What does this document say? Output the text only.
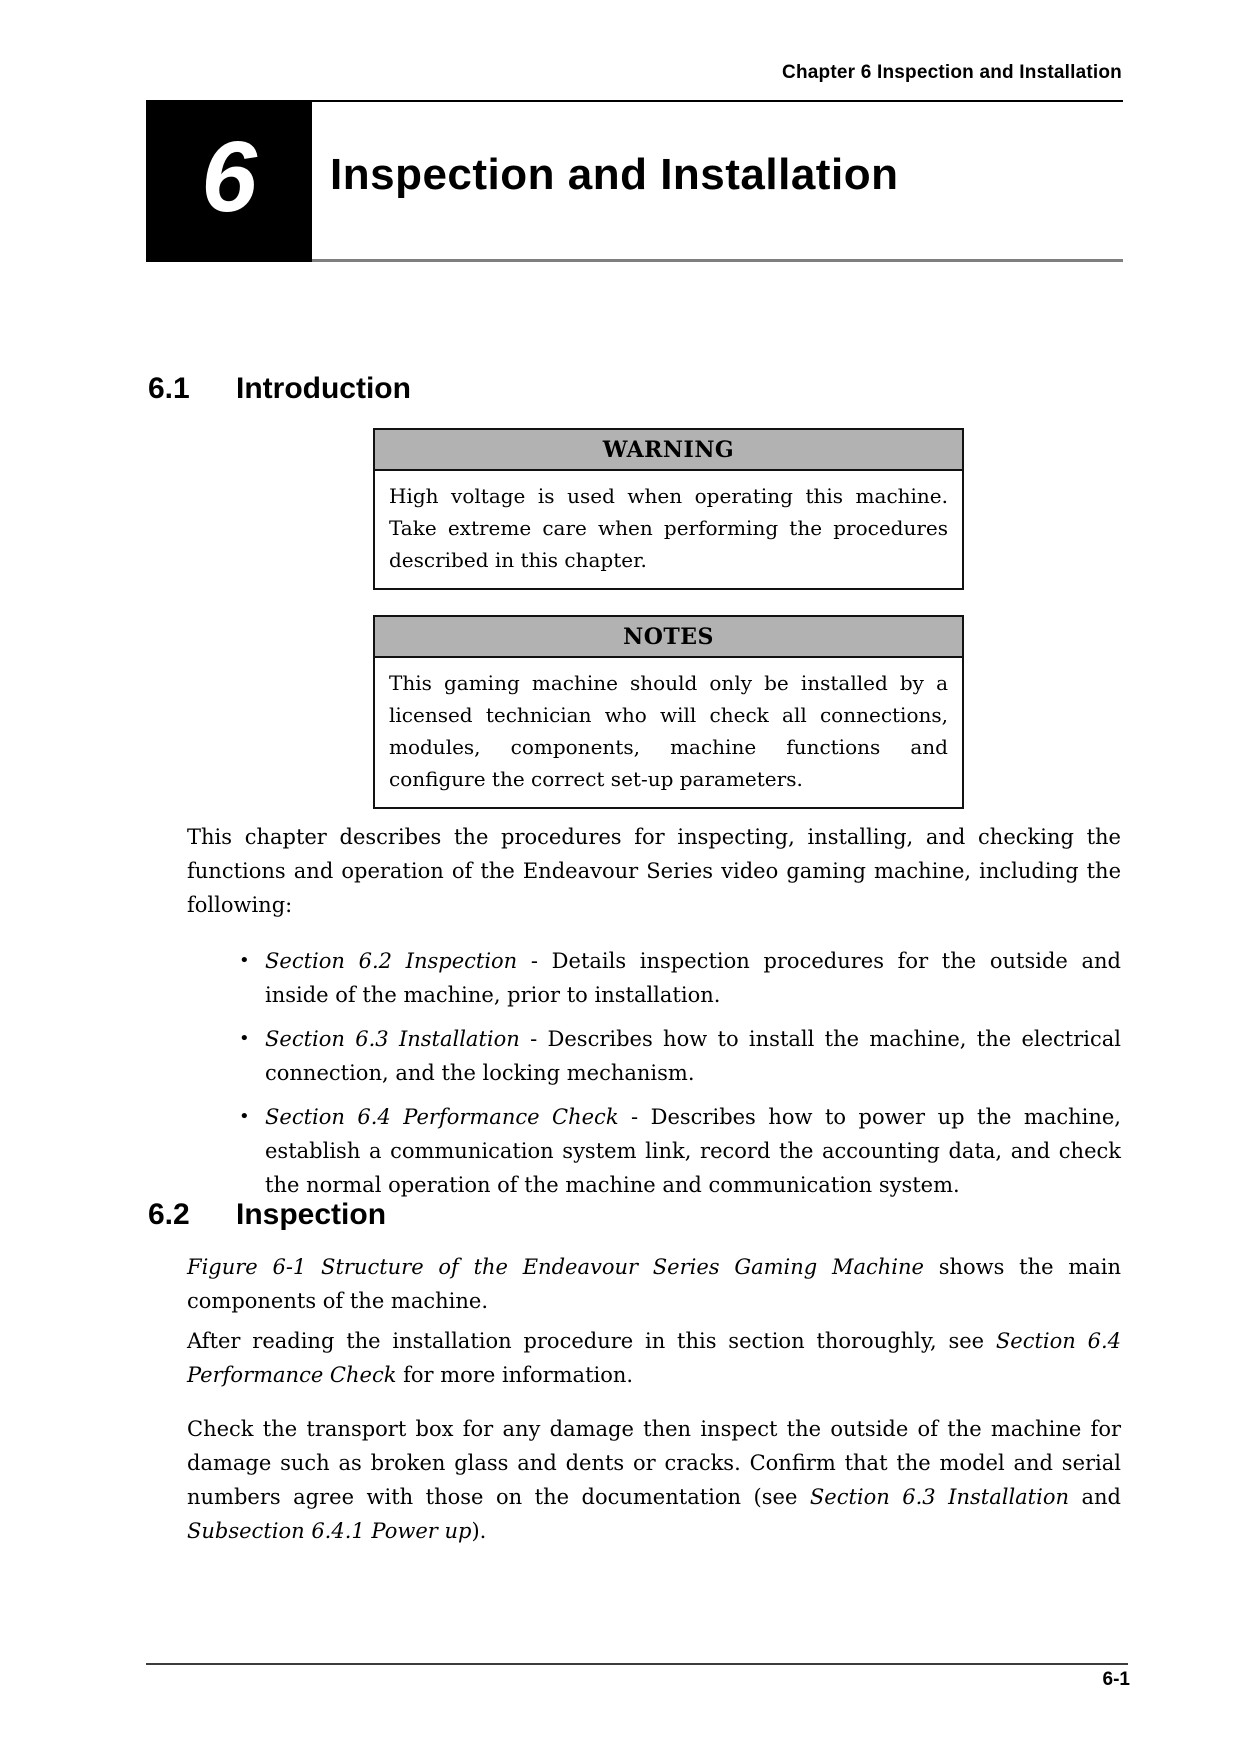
Chapter 6 Inspection and Installation
6 Inspection and Installation
6.1 Introduction
WARNING
High voltage is used when operating this machine. Take extreme care when performing the procedures described in this chapter.
NOTES
This gaming machine should only be installed by a licensed technician who will check all connections, modules, components, machine functions and configure the correct set-up parameters.
This chapter describes the procedures for inspecting, installing, and checking the functions and operation of the Endeavour Series video gaming machine, including the following:
• Section 6.2 Inspection - Details inspection procedures for the outside and inside of the machine, prior to installation.
• Section 6.3 Installation - Describes how to install the machine, the electrical connection, and the locking mechanism.
• Section 6.4 Performance Check - Describes how to power up the machine, establish a communication system link, record the accounting data, and check the normal operation of the machine and communication system.
6.2 Inspection
Figure 6-1 Structure of the Endeavour Series Gaming Machine shows the main components of the machine.
After reading the installation procedure in this section thoroughly, see Section 6.4 Performance Check for more information.
Check the transport box for any damage then inspect the outside of the machine for damage such as broken glass and dents or cracks. Confirm that the model and serial numbers agree with those on the documentation (see Section 6.3 Installation and Subsection 6.4.1 Power up).
6-1
